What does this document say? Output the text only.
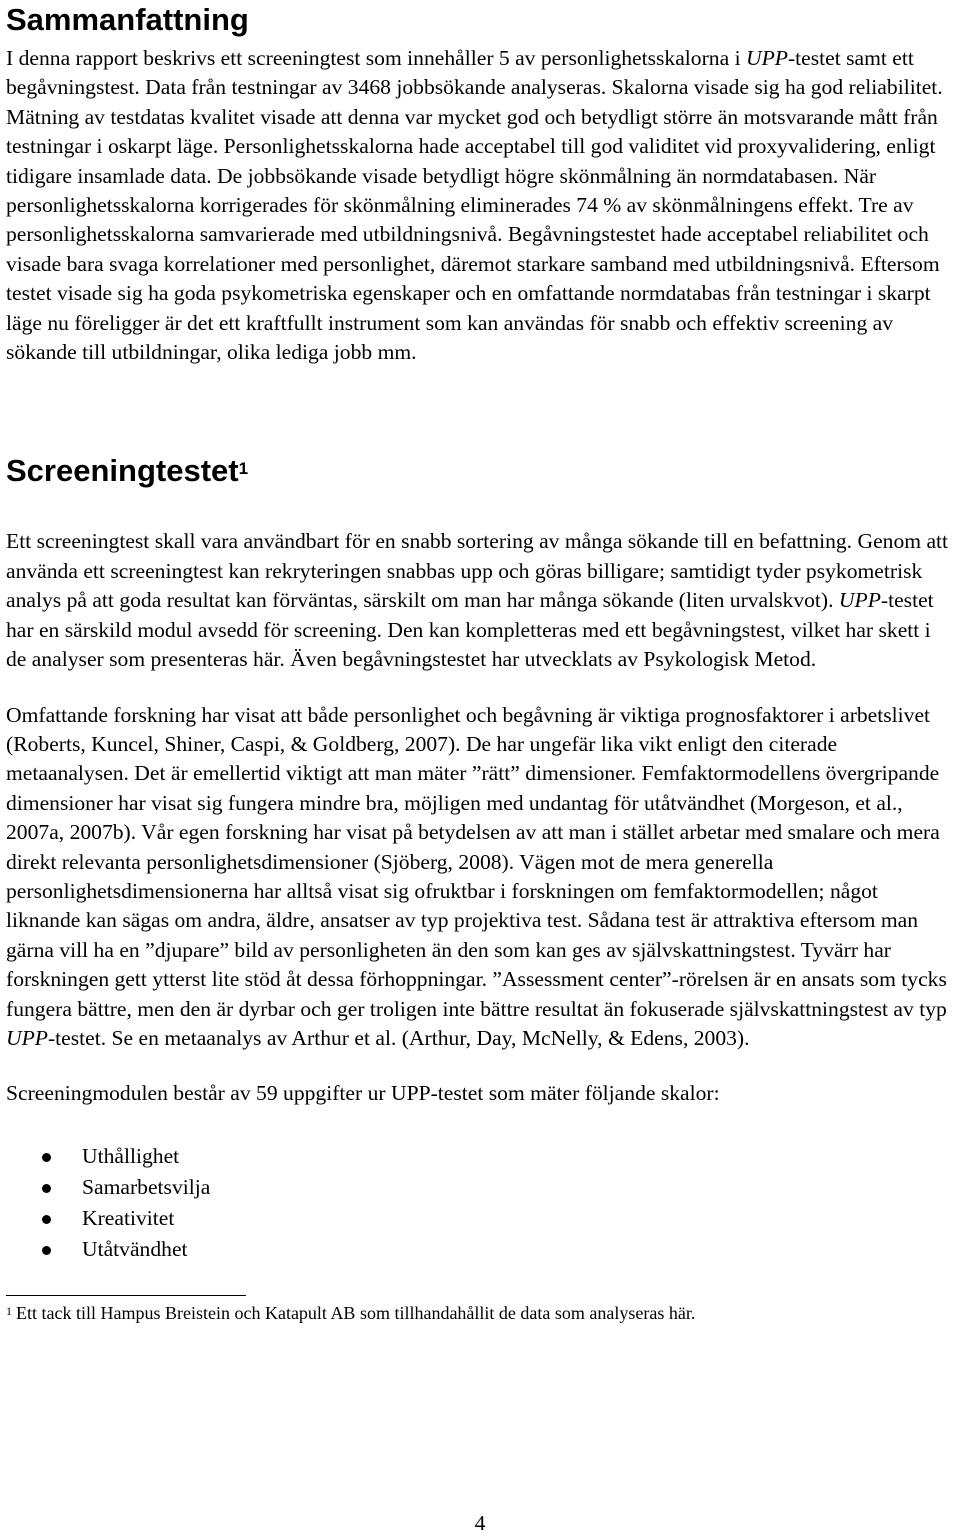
Sammanfattning

I denna rapport beskrivs ett screeningtest som innehåller 5 av personlighetsskalorna i UPP-testet samt ett begåvningstest. Data från testningar av 3468 jobbsökande analyseras. Skalorna visade sig ha god reliabilitet. Mätning av testdatas kvalitet visade att denna var mycket god och betydligt större än motsvarande mått från testningar i oskarpt läge. Personlighetsskalorna hade acceptabel till god validitet vid proxyvalidering, enligt tidigare insamlade data. De jobbsökande visade betydligt högre skönmålning än normdatabasen. När personlighetsskalorna korrigerades för skönmålning eliminerades 74 % av skönmålningens effekt. Tre av personlighetsskalorna samvarierade med utbildningsnivå. Begåvningstestet hade acceptabel reliabilitet och visade bara svaga korrelationer med personlighet, däremot starkare samband med utbildningsnivå. Eftersom testet visade sig ha goda psykometriska egenskaper och en omfattande normdatabas från testningar i skarpt läge nu föreligger är det ett kraftfullt instrument som kan användas för snabb och effektiv screening av sökande till utbildningar, olika lediga jobb mm.

Screeningtestet$^1$

Ett screeningtest skall vara användbart för en snabb sortering av många sökande till en befattning. Genom att använda ett screeningtest kan rekryteringen snabbas upp och göras billigare; samtidigt tyder psykometrisk analys på att goda resultat kan förväntas, särskilt om man har många sökande (liten urvalskvot). UPP-testet har en särskild modul avsedd för screening. Den kan kompletteras med ett begåvningstest, vilket har skett i de analyser som presenteras här. Även begåvningstestet har utvecklats av Psykologisk Metod.

Omfattande forskning har visat att både personlighet och begåvning är viktiga prognosfaktorer i arbetslivet (Roberts, Kuncel, Shiner, Caspi, & Goldberg, 2007). De har ungefär lika vikt enligt den citerade metaanalysen. Det är emellertid viktigt att man mäter ”rätt” dimensioner. Femfaktormodellens övergripande dimensioner har visat sig fungera mindre bra, möjligen med undantag för utåtvändhet (Morgeson, et al., 2007a, 2007b). Vår egen forskning har visat på betydelsen av att man i stället arbetar med smalare och mera direkt relevanta personlighetsdimensioner (Sjöberg, 2008). Vägen mot de mera generella personlighetsdimensionerna har alltså visat sig ofruktbar i forskningen om femfaktormodellen; något liknande kan sägas om andra, äldre, ansatser av typ projektiva test. Sådana test är attraktiva eftersom man gärna vill ha en ”djupare” bild av personligheten än den som kan ges av självskattningstest. Tyvärr har forskningen gett ytterst lite stöd åt dessa förhoppningar. ”Assessment center”-rörelsen är en ansats som tycks fungera bättre, men den är dyrbar och ger troligen inte bättre resultat än fokuserade självskattningstest av typ UPP-testet. Se en metaanalys av Arthur et al. (Arthur, Day, McNelly, & Edens, 2003).

Screeningmodulen består av 59 uppgifter ur UPP-testet som mäter följande skalor:

Uthållighet
Samarbetsvilja
Kreativitet
Utåtvändhet
$^1$ Ett tack till Hampus Breistein och Katapult AB som tillhandahållit de data som analyseras här.
4
